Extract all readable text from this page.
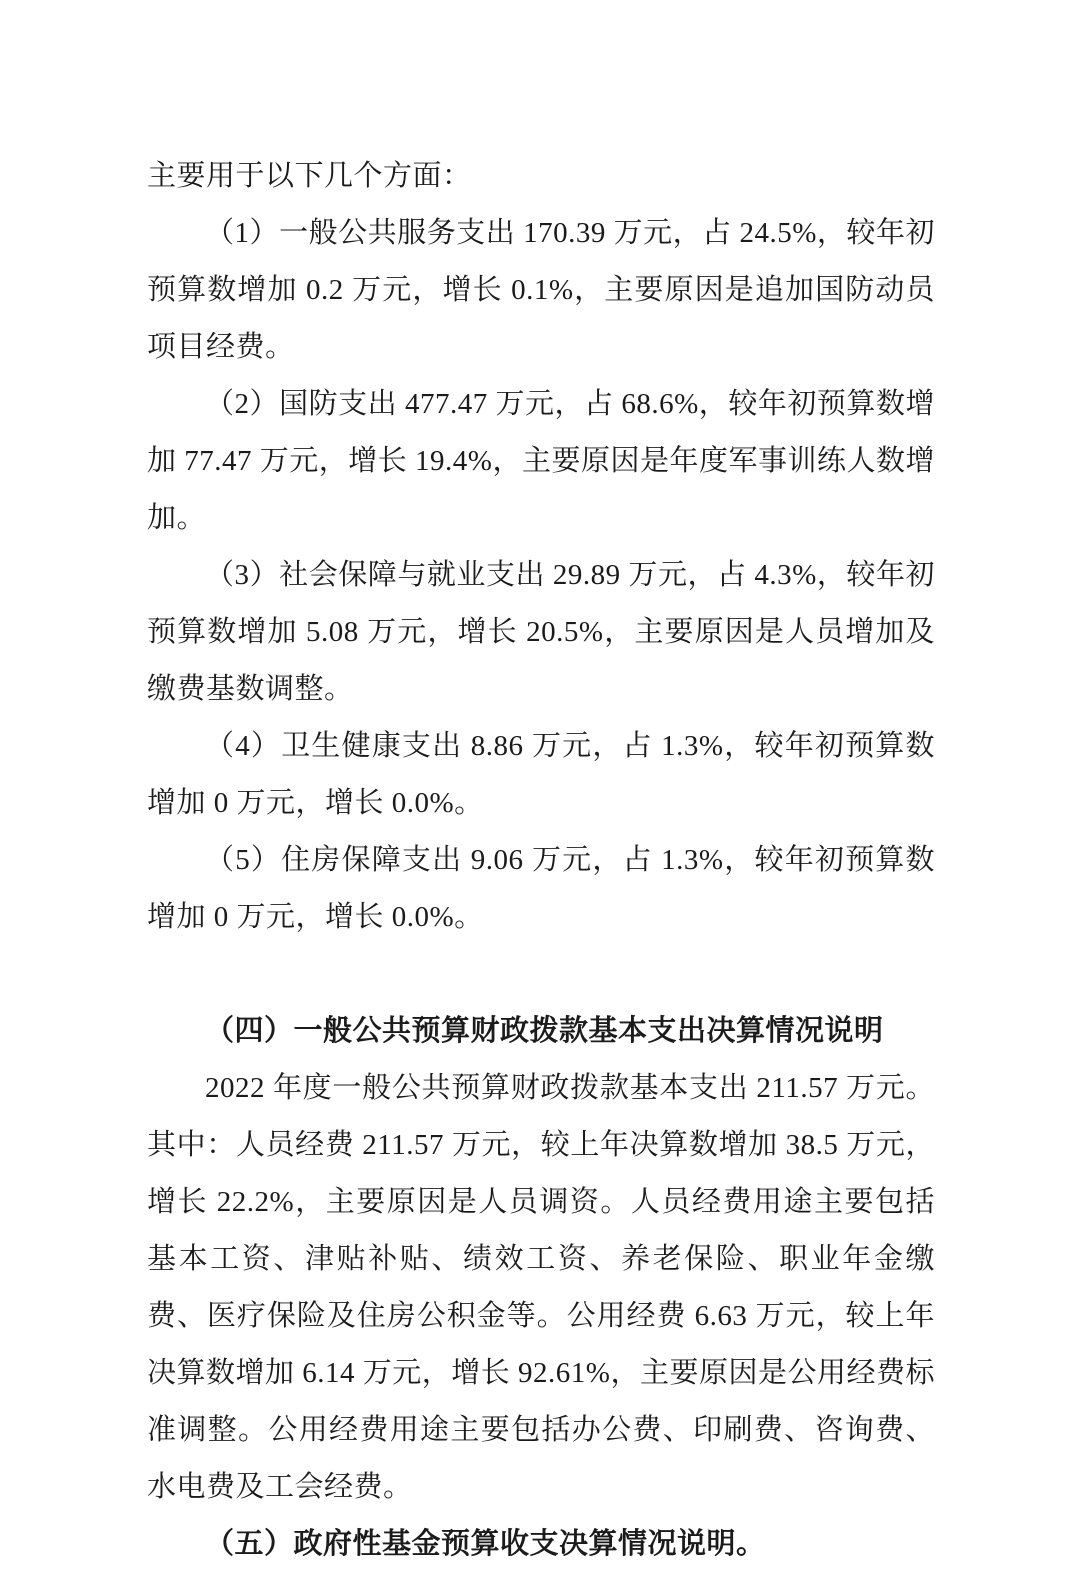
主要用于以下几个方面：

（1）一般公共服务支出 170.39 万元，占 24.5%，较年初预算数增加 0.2 万元，增长 0.1%，主要原因是追加国防动员项目经费。

（2）国防支出 477.47 万元，占 68.6%，较年初预算数增加 77.47 万元，增长 19.4%，主要原因是年度军事训练人数增加。

（3）社会保障与就业支出 29.89 万元，占 4.3%，较年初预算数增加 5.08 万元，增长 20.5%，主要原因是人员增加及缴费基数调整。

（4）卫生健康支出 8.86 万元，占 1.3%，较年初预算数增加 0 万元，增长 0.0%。

（5）住房保障支出 9.06 万元，占 1.3%，较年初预算数增加 0 万元，增长 0.0%。

（四）一般公共预算财政拨款基本支出决算情况说明

2022 年度一般公共预算财政拨款基本支出 211.57 万元。其中：人员经费 211.57 万元，较上年决算数增加 38.5 万元，增长 22.2%，主要原因是人员调资。人员经费用途主要包括基本工资、津贴补贴、绩效工资、养老保险、职业年金缴费、医疗保险及住房公积金等。公用经费 6.63 万元，较上年决算数增加 6.14 万元，增长 92.61%，主要原因是公用经费标准调整。公用经费用途主要包括办公费、印刷费、咨询费、水电费及工会经费。

（五）政府性基金预算收支决算情况说明。
